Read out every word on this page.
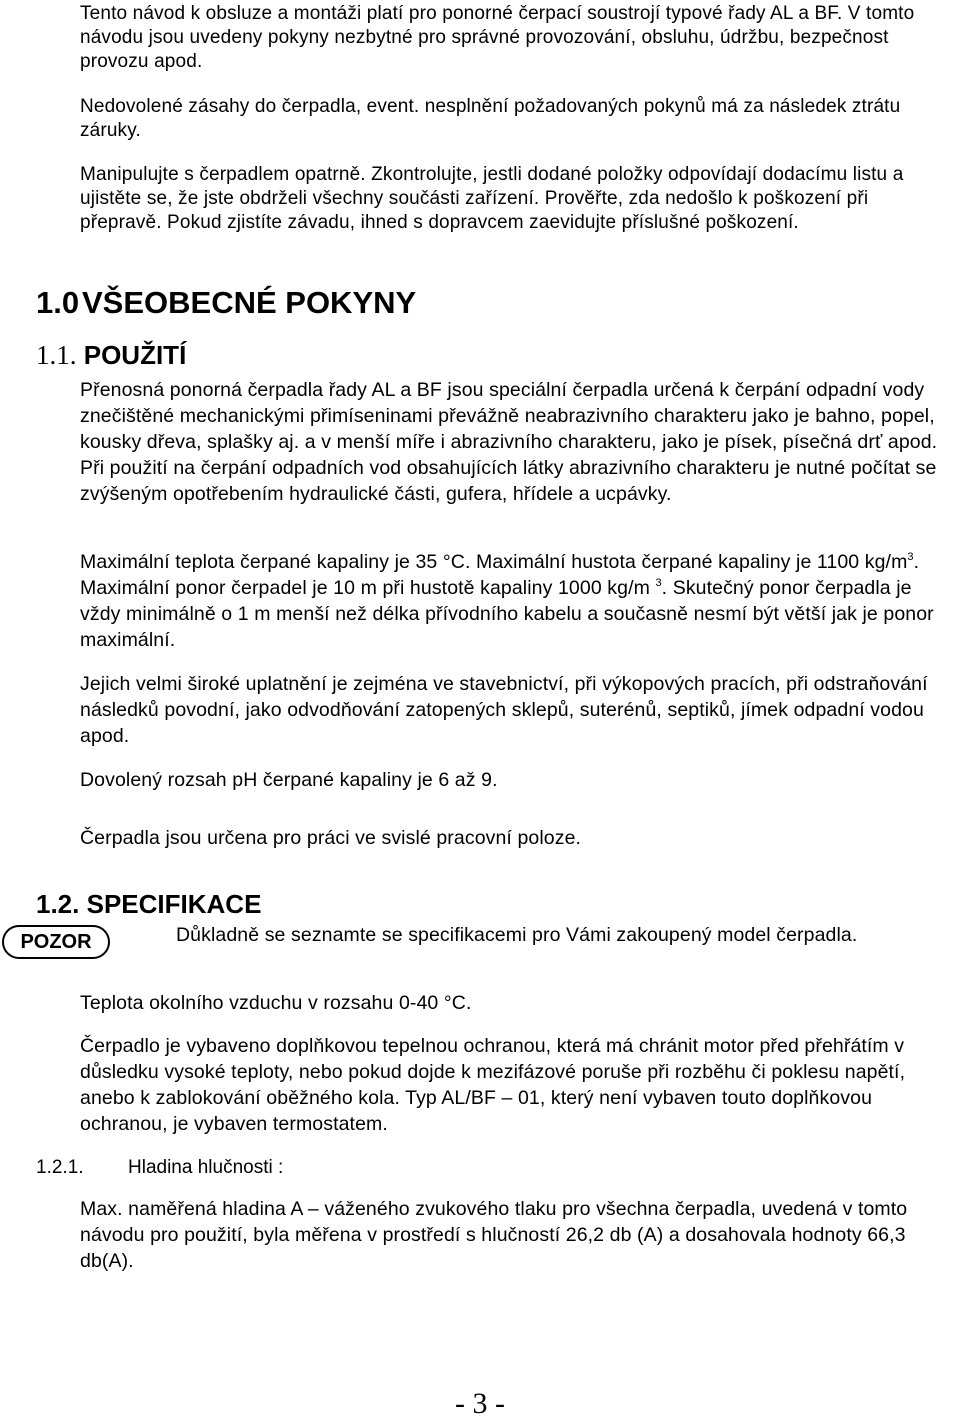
Tento návod k obsluze a montáži platí pro ponorné čerpací soustrojí typové řady AL a BF. V tomto návodu jsou uvedeny pokyny nezbytné pro správné provozování, obsluhu, údržbu, bezpečnost provozu apod.

Nedovolené zásahy do čerpadla, event. nesplnění požadovaných pokynů má za následek ztrátu záruky.

Manipulujte s čerpadlem opatrně. Zkontrolujte, jestli dodané položky odpovídají dodacímu listu a ujistěte se, že jste obdrželi všechny součásti zařízení. Prověřte, zda nedošlo k poškození při přepravě. Pokud zjistíte závadu, ihned s dopravcem zaevidujte příslušné poškození.

1.0VŠEOBECNÉ POKYNY
1.1. POUŽITÍ

Přenosná ponorná čerpadla řady AL a BF jsou speciální čerpadla určená k čerpání odpadní vody znečištěné mechanickými přimíseninami převážně neabrazivního charakteru jako je bahno, popel, kousky dřeva, splašky aj. a v menší míře i abrazivního charakteru, jako je písek, písečná drť apod. Při použití na čerpání odpadních vod obsahujících látky abrazivního charakteru je nutné počítat se zvýšeným opotřebením hydraulické části, gufera, hřídele a ucpávky.

Maximální teplota čerpané kapaliny je 35 °C. Maximální hustota čerpané kapaliny je 1100 $kg/m^3$. Maximální ponor čerpadel je 10 m při hustotě kapaliny 1000 kg/m $^3$. Skutečný ponor čerpadla je vždy minimálně o 1 m menší než délka přívodního kabelu a současně nesmí být větší jak je ponor maximální.

Jejich velmi široké uplatnění je zejména ve stavebnictví, při výkopových pracích, při odstraňování následků povodní, jako odvodňování zatopených sklepů, suterénů, septiků, jímek odpadní vodou apod.

Dovolený rozsah pH čerpané kapaliny je 6 až 9.

Čerpadla jsou určena pro práci ve svislé pracovní poloze.

1.2. SPECIFIKACE

Důkladně se seznamte se specifikacemi pro Vámi zakoupený model čerpadla.

POZOR

Teplota okolního vzduchu v rozsahu 0-40 °C.

Čerpadlo je vybaveno doplňkovou tepelnou ochranou, která má chránit motor před přehřátím v důsledku vysoké teploty, nebo pokud dojde k mezifázové poruše při rozběhu či poklesu napětí, anebo k zablokování oběžného kola. Typ AL/BF – 01, který není vybaven touto doplňkovou ochranou, je vybaven termostatem.

1.2.1. Hladina hlučnosti :

Max. naměřená hladina A – váženého zvukového tlaku pro všechna čerpadla, uvedená v tomto návodu pro použití, byla měřena v prostředí s hlučností 26,2 db (A) a dosahovala hodnoty 66,3 db(A).

- 3 -
